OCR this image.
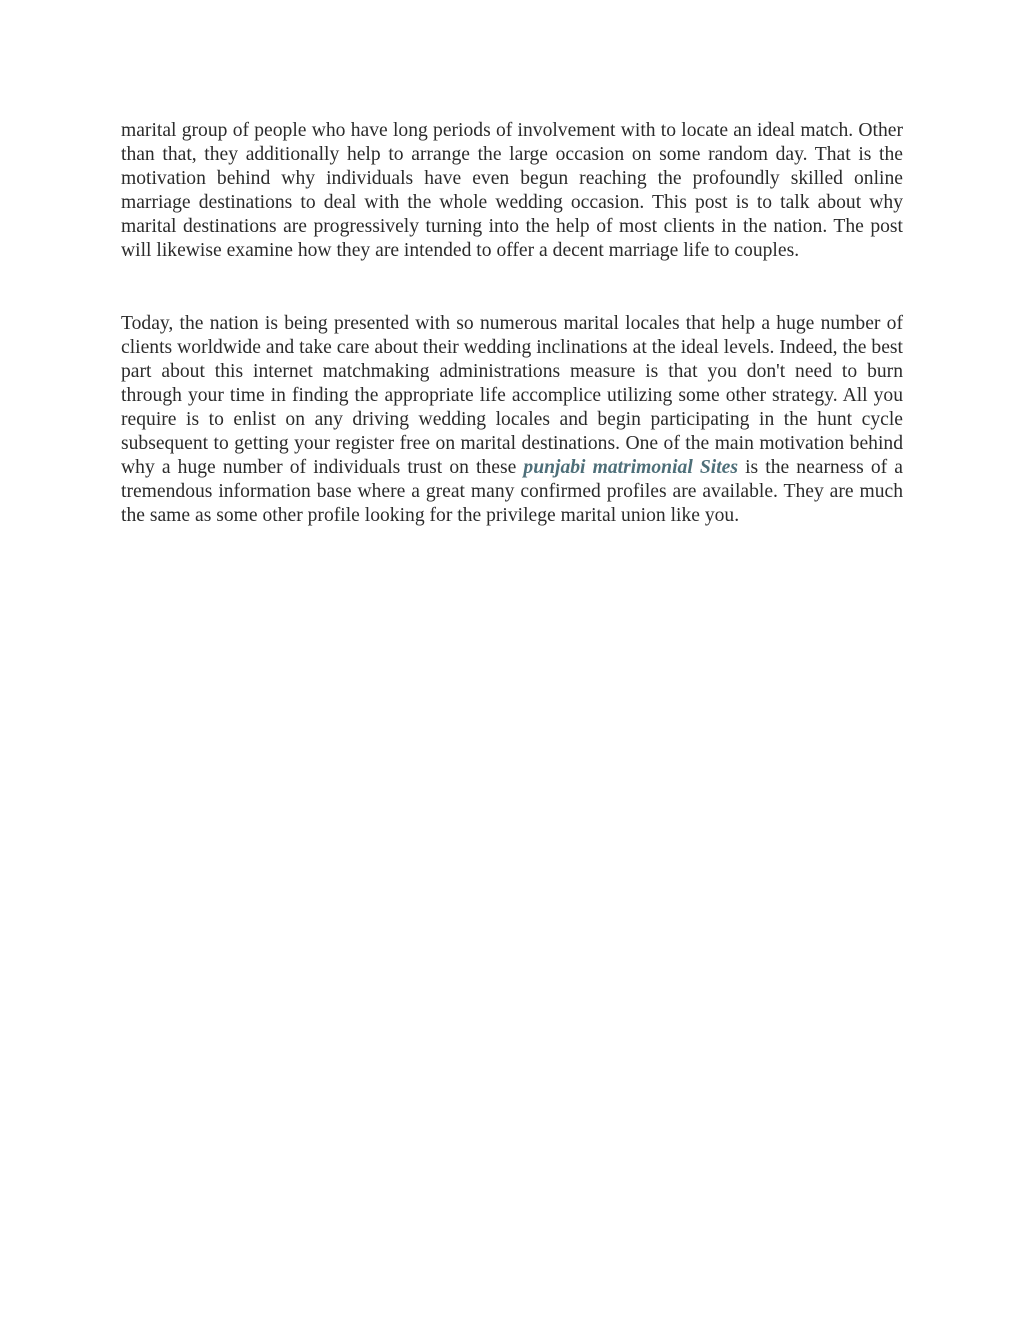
marital group of people who have long periods of involvement with to locate an ideal match. Other than that, they additionally help to arrange the large occasion on some random day. That is the motivation behind why individuals have even begun reaching the profoundly skilled online marriage destinations to deal with the whole wedding occasion. This post is to talk about why marital destinations are progressively turning into the help of most clients in the nation. The post will likewise examine how they are intended to offer a decent marriage life to couples.

Today, the nation is being presented with so numerous marital locales that help a huge number of clients worldwide and take care about their wedding inclinations at the ideal levels. Indeed, the best part about this internet matchmaking administrations measure is that you don't need to burn through your time in finding the appropriate life accomplice utilizing some other strategy. All you require is to enlist on any driving wedding locales and begin participating in the hunt cycle subsequent to getting your register free on marital destinations. One of the main motivation behind why a huge number of individuals trust on these punjabi matrimonial Sites is the nearness of a tremendous information base where a great many confirmed profiles are available. They are much the same as some other profile looking for the privilege marital union like you.
